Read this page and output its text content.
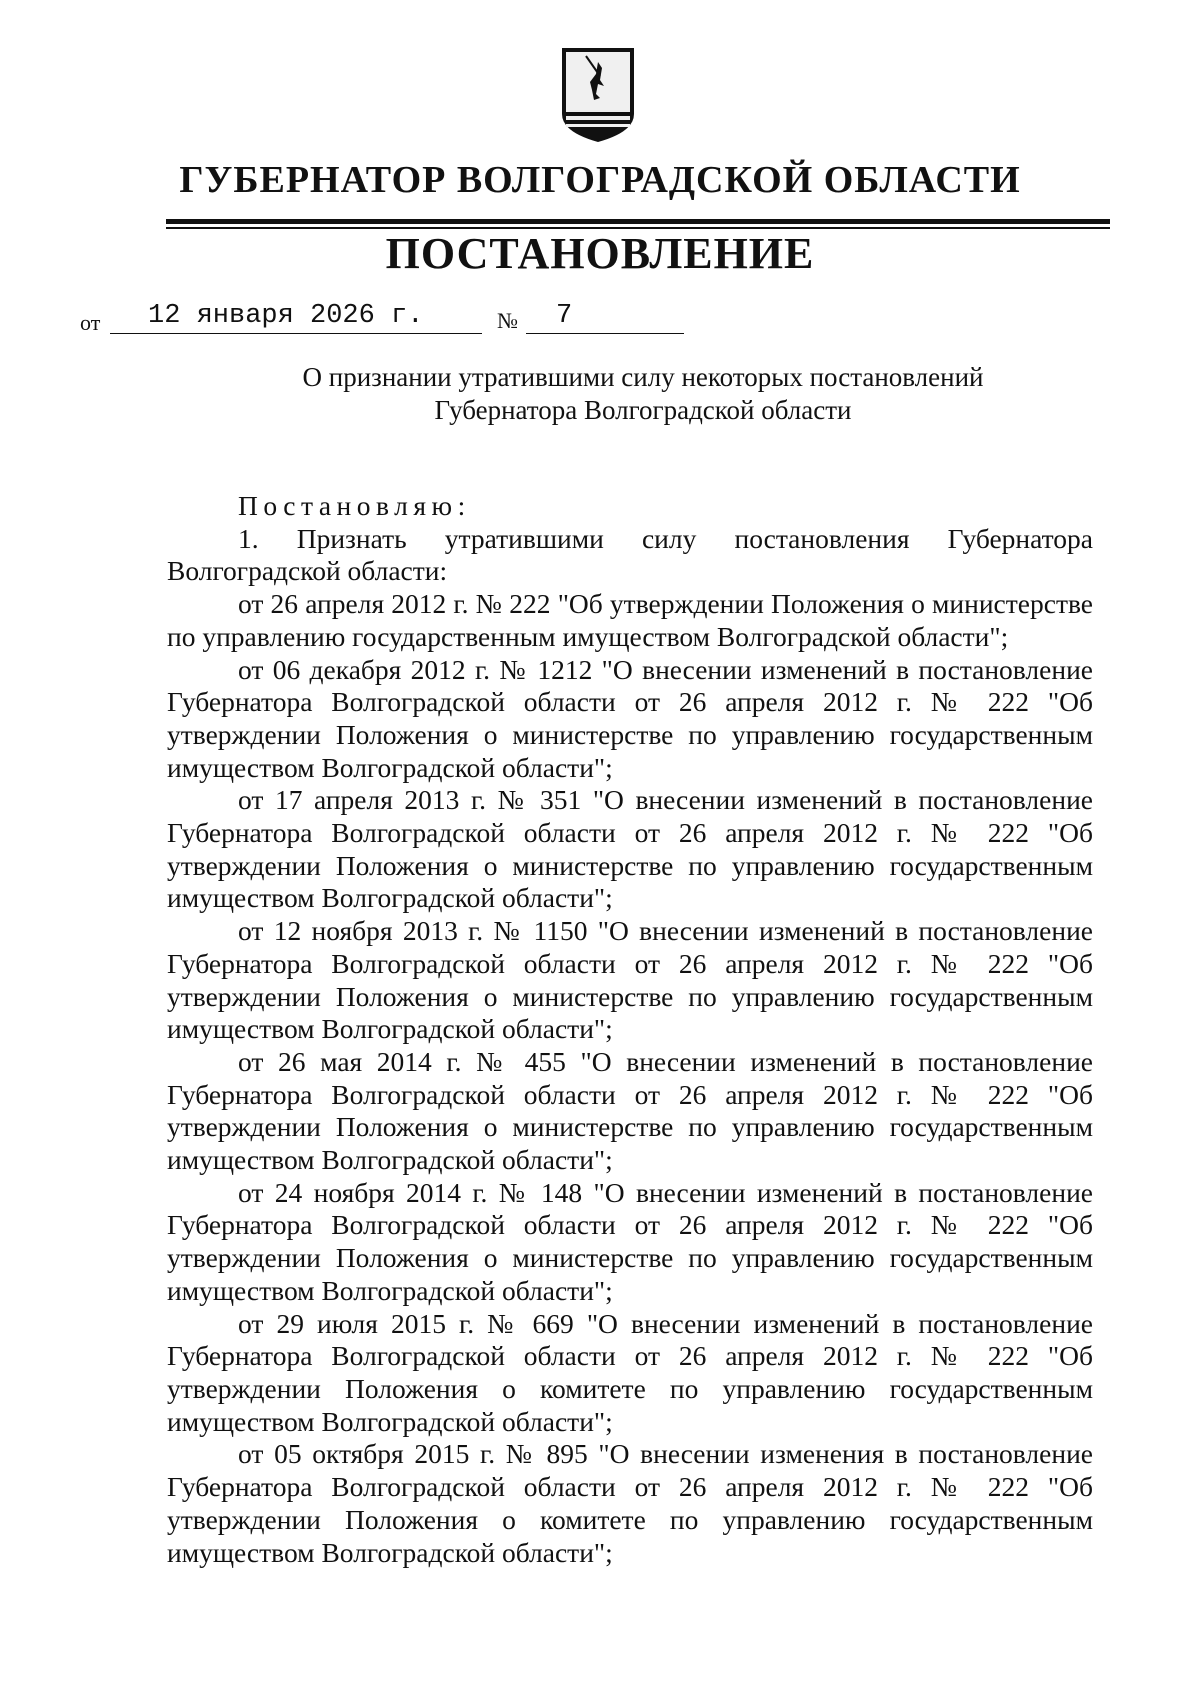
ГУБЕРНАТОР ВОЛГОГРАДСКОЙ ОБЛАСТИ
ПОСТАНОВЛЕНИЕ
от	12 января 2026 г.	№	7
О признании утратившими силу некоторых постановлений
Губернатора Волгоградской области

Постановляю:

1. Признать утратившими силу постановления Губернатора Волгоградской области:

от 26 апреля 2012 г. № 222 "Об утверждении Положения о министерстве по управлению государственным имуществом Волгоградской области";

от 06 декабря 2012 г. № 1212 "О внесении изменений в постановление Губернатора Волгоградской области от 26 апреля 2012 г. № 222 "Об утверждении Положения о министерстве по управлению государственным имуществом Волгоградской области";

от 17 апреля 2013 г. № 351 "О внесении изменений в постановление Губернатора Волгоградской области от 26 апреля 2012 г. № 222 "Об утверждении Положения о министерстве по управлению государственным имуществом Волгоградской области";

от 12 ноября 2013 г. № 1150 "О внесении изменений в постановление Губернатора Волгоградской области от 26 апреля 2012 г. № 222 "Об утверждении Положения о министерстве по управлению государственным имуществом Волгоградской области";

от 26 мая 2014 г. № 455 "О внесении изменений в постановление Губернатора Волгоградской области от 26 апреля 2012 г. № 222 "Об утверждении Положения о министерстве по управлению государственным имуществом Волгоградской области";

от 24 ноября 2014 г. № 148 "О внесении изменений в постановление Губернатора Волгоградской области от 26 апреля 2012 г. № 222 "Об утверждении Положения о министерстве по управлению государственным имуществом Волгоградской области";

от 29 июля 2015 г. № 669 "О внесении изменений в постановление Губернатора Волгоградской области от 26 апреля 2012 г. № 222 "Об утверждении Положения о комитете по управлению государственным имуществом Волгоградской области";

от 05 октября 2015 г. № 895 "О внесении изменения в постановление Губернатора Волгоградской области от 26 апреля 2012 г. № 222 "Об утверждении Положения о комитете по управлению государственным имуществом Волгоградской области";
